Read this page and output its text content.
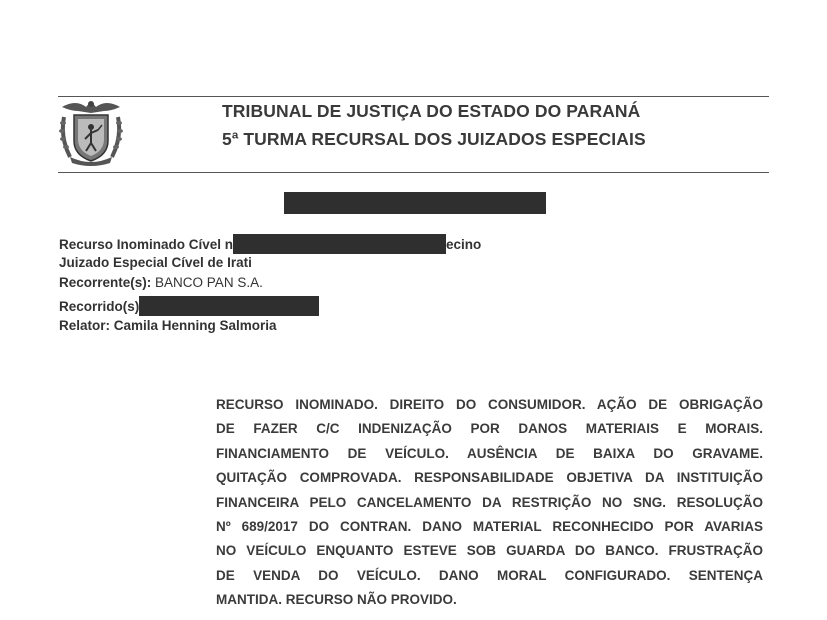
TRIBUNAL DE JUSTIÇA DO ESTADO DO PARANÁ
5ª TURMA RECURSAL DOS JUIZADOS ESPECIAIS
Recurso Inominado Cível n	ecino
Juizado Especial Cível de Irati
Recorrente(s): BANCO PAN S.A.
Recorrido(s)
Relator: Camila Henning Salmoria
RECURSO INOMINADO. DIREITO DO CONSUMIDOR. AÇÃO DE OBRIGAÇÃO
DE FAZER C/C INDENIZAÇÃO POR DANOS MATERIAIS E MORAIS.
FINANCIAMENTO DE VEÍCULO. AUSÊNCIA DE BAIXA DO GRAVAME.
QUITAÇÃO COMPROVADA. RESPONSABILIDADE OBJETIVA DA INSTITUIÇÃO
FINANCEIRA PELO CANCELAMENTO DA RESTRIÇÃO NO SNG. RESOLUÇÃO
Nº 689/2017 DO CONTRAN. DANO MATERIAL RECONHECIDO POR AVARIAS
NO VEÍCULO ENQUANTO ESTEVE SOB GUARDA DO BANCO. FRUSTRAÇÃO
DE VENDA DO VEÍCULO. DANO MORAL CONFIGURADO. SENTENÇA
MANTIDA. RECURSO NÃO PROVIDO.
